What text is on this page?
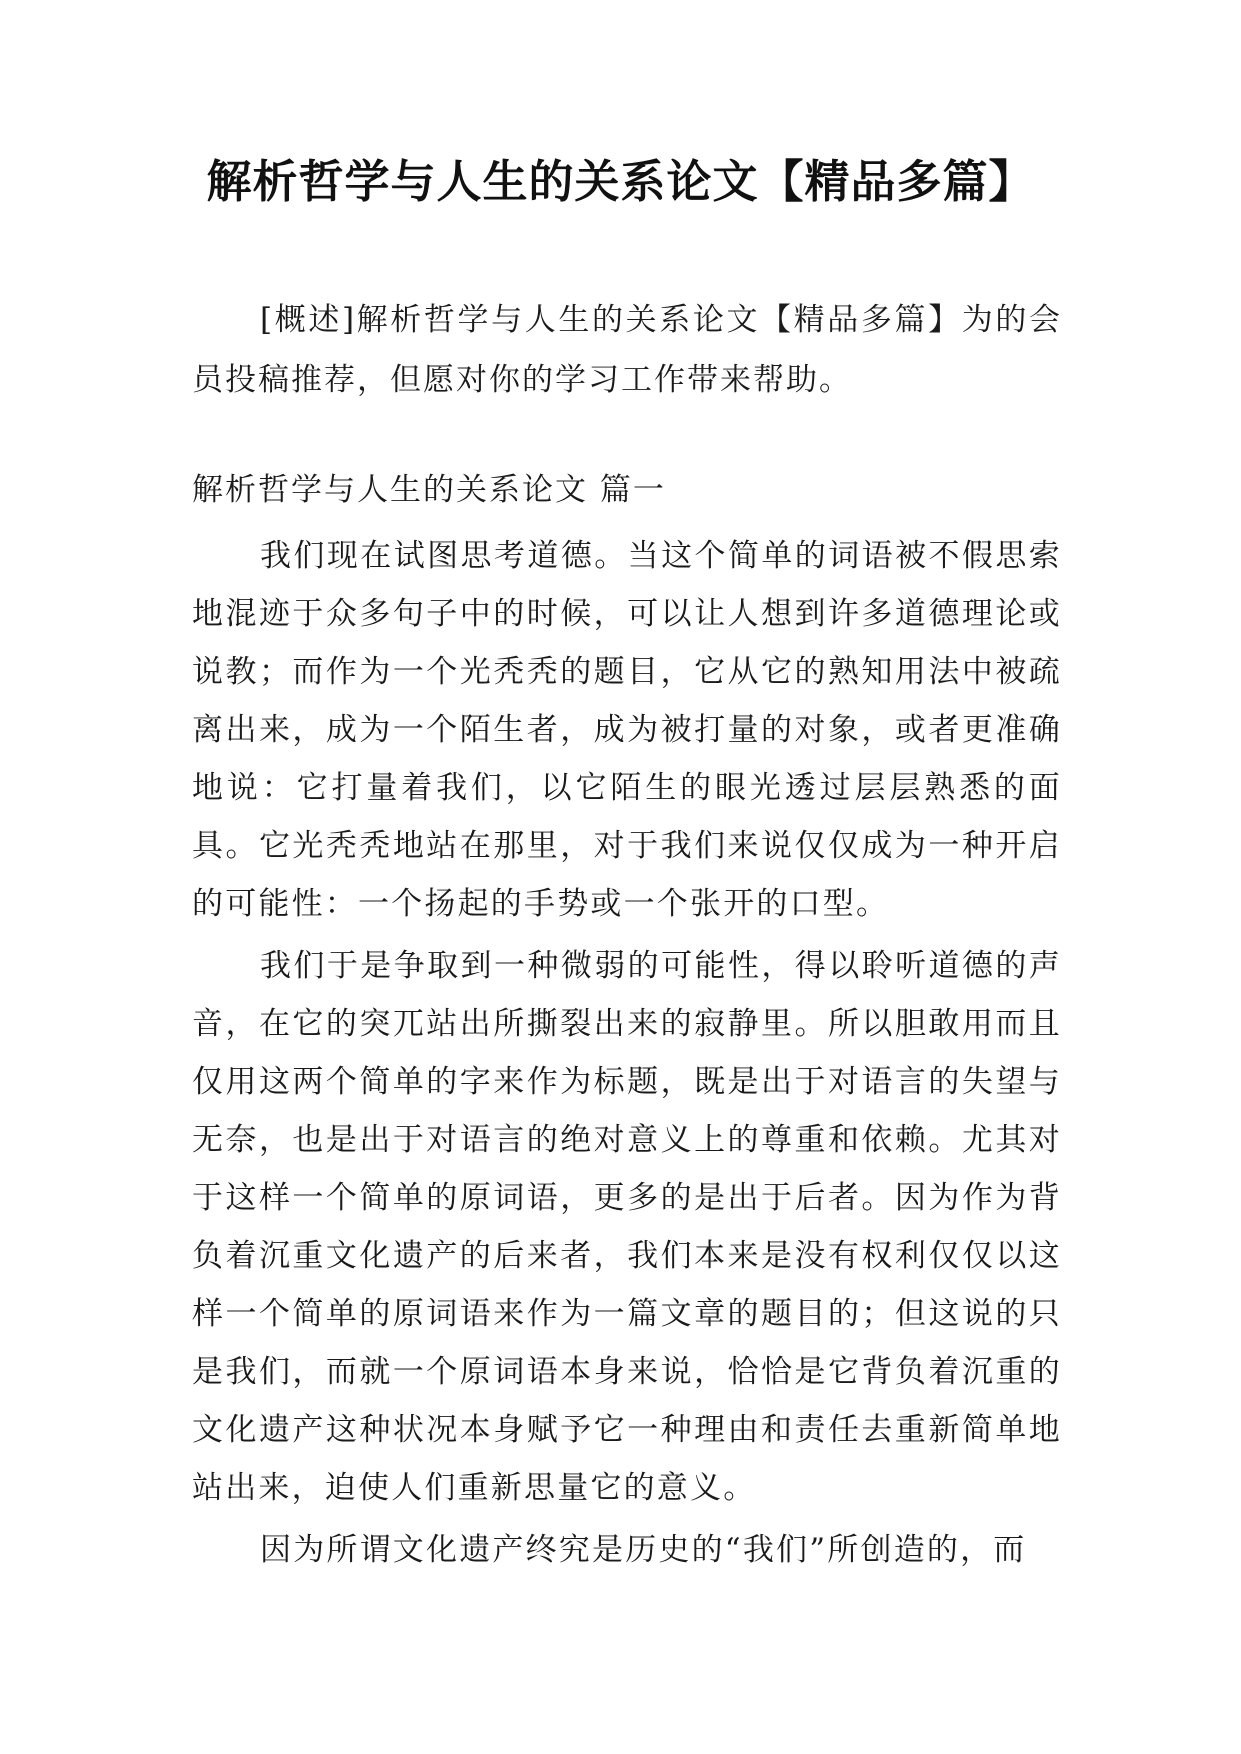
解析哲学与人生的关系论文【精品多篇】

[概述]解析哲学与人生的关系论文【精品多篇】为的会员投稿推荐，但愿对你的学习工作带来帮助。

解析哲学与人生的关系论文 篇一

我们现在试图思考道德。当这个简单的词语被不假思索地混迹于众多句子中的时候，可以让人想到许多道德理论或说教；而作为一个光秃秃的题目，它从它的熟知用法中被疏离出来，成为一个陌生者，成为被打量的对象，或者更准确地说：它打量着我们，以它陌生的眼光透过层层熟悉的面具。它光秃秃地站在那里，对于我们来说仅仅成为一种开启的可能性：一个扬起的手势或一个张开的口型。

我们于是争取到一种微弱的可能性，得以聆听道德的声音，在它的突兀站出所撕裂出来的寂静里。所以胆敢用而且仅用这两个简单的字来作为标题，既是出于对语言的失望与无奈，也是出于对语言的绝对意义上的尊重和依赖。尤其对于这样一个简单的原词语，更多的是出于后者。因为作为背负着沉重文化遗产的后来者，我们本来是没有权利仅仅以这样一个简单的原词语来作为一篇文章的题目的；但这说的只是我们，而就一个原词语本身来说，恰恰是它背负着沉重的文化遗产这种状况本身赋予它一种理由和责任去重新简单地站出来，迫使人们重新思量它的意义。

因为所谓文化遗产终究是历史的“我们”所创造的，而
